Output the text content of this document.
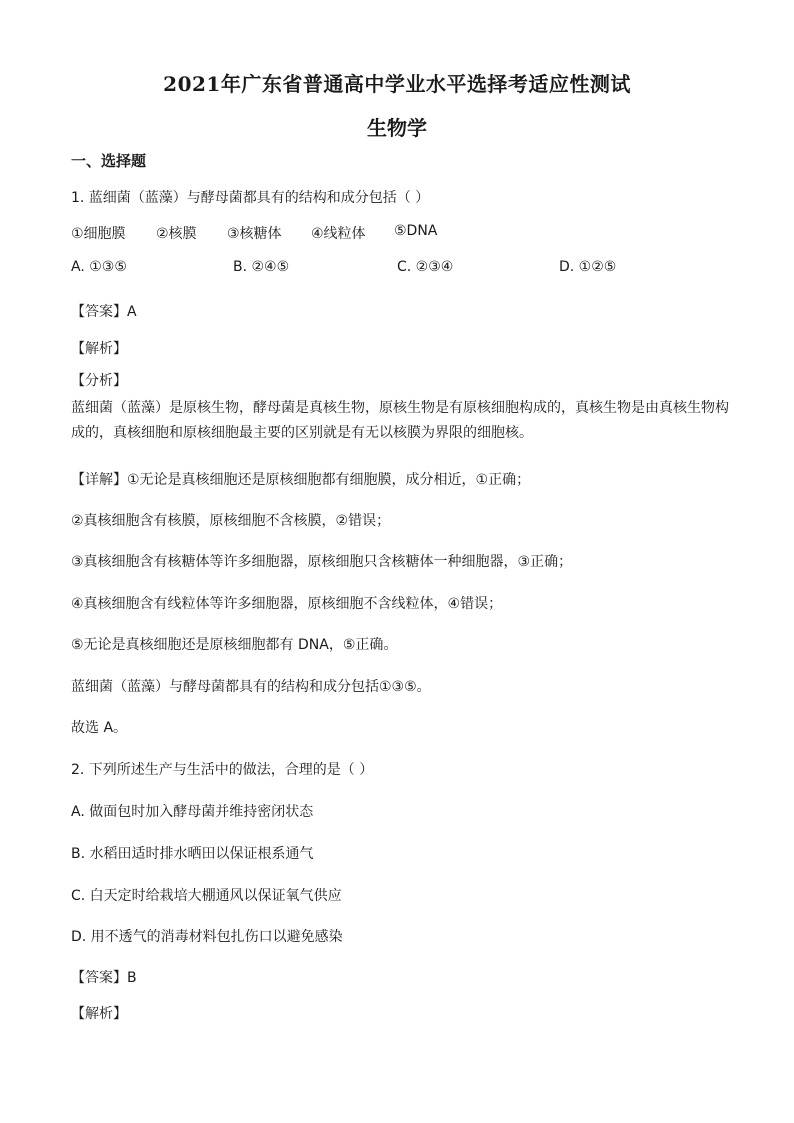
2021年广东省普通高中学业水平选择考适应性测试
生物学
一、选择题
1. 蓝细菌（蓝藻）与酵母菌都具有的结构和成分包括（ ）
①细胞膜 ②核膜 ③核糖体 ④线粒体 ⑤DNA
A. ①③⑤	B. ②④⑤	C. ②③④	D. ①②⑤
【答案】A
【解析】
【分析】
蓝细菌（蓝藻）是原核生物，酵母菌是真核生物，原核生物是有原核细胞构成的，真核生物是由真核生物构成的，真核细胞和原核细胞最主要的区别就是有无以核膜为界限的细胞核。
【详解】①无论是真核细胞还是原核细胞都有细胞膜，成分相近，①正确；
②真核细胞含有核膜，原核细胞不含核膜，②错误；
③真核细胞含有核糖体等许多细胞器，原核细胞只含核糖体一种细胞器，③正确；
④真核细胞含有线粒体等许多细胞器，原核细胞不含线粒体，④错误；
⑤无论是真核细胞还是原核细胞都有 DNA，⑤正确。
蓝细菌（蓝藻）与酵母菌都具有的结构和成分包括①③⑤。
故选 A。
2. 下列所述生产与生活中的做法，合理的是（ ）
A. 做面包时加入酵母菌并维持密闭状态
B. 水稻田适时排水晒田以保证根系通气
C. 白天定时给栽培大棚通风以保证氧气供应
D. 用不透气的消毒材料包扎伤口以避免感染
【答案】B
【解析】
